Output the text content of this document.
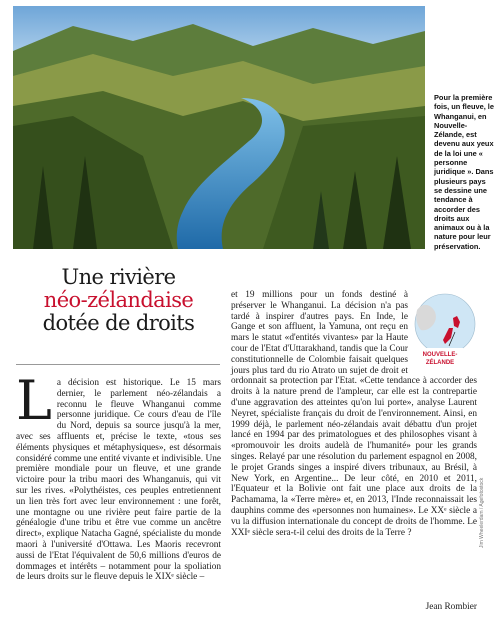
Pour la première fois, un fleuve, le Whanganui, en Nouvelle-Zélande, est devenu aux yeux de la loi une « personne juridique ». Dans plusieurs pays se dessine une tendance à accorder des droits aux animaux ou à la nature pour leur préservation.
Une rivière
néo-zélandaise
dotée de droits
L a décision est historique. Le 15 mars dernier, le parlement néo-zélandais a reconnu le fleuve Whanganui comme personne juridique. Ce cours d'eau de l'île du Nord, depuis sa source jusqu'à la mer, avec ses affluents et, précise le texte, «tous ses éléments physiques et métaphysiques», est désormais considéré comme une entité vivante et indivisible. Une première mondiale pour un fleuve, et une grande victoire pour la tribu maori des Whanganuis, qui vit sur les rives. «Polythéistes, ces peuples entretiennent un lien très fort avec leur environnement : une forêt, une montagne ou une rivière peut faire partie de la généalogie d'une tribu et être vue comme un ancêtre direct», explique Natacha Gagné, spécialiste du monde maori à l'université d'Ottawa. Les Maoris recevront aussi de l'Etat l'équivalent de 50,6 millions d'euros de dommages et intérêts – notamment pour la spoliation de leurs droits sur le fleuve depuis le XIXᵉ siècle –
NOUVELLE-
ZÉLANDE
et 19 millions pour un fonds destiné à préserver le Whanganui. La décision n'a pas tardé à inspirer d'autres pays. En Inde, le Gange et son affluent, la Yamuna, ont reçu en mars le statut «d'entités vivantes» par la Haute cour de l'Etat d'Uttarakhand, tandis que la Cour constitutionnelle de Colombie faisait quelques jours plus tard du rio Atrato un sujet de droit et ordonnait sa protection par l'Etat. «Cette tendance à accorder des droits à la nature prend de l'ampleur, car elle est la contrepartie d'une aggravation des atteintes qu'on lui porte», analyse Laurent Neyret, spécialiste français du droit de l'environnement. Ainsi, en 1999 déjà, le parlement néo-zélandais avait débattu d'un projet lancé en 1994 par des primatologues et des philosophes visant à «promouvoir les droits audelà de l'humanité» pour les grands singes. Relayé par une résolution du parlement espagnol en 2008, le projet Grands singes a inspiré divers tribunaux, au Brésil, à New York, en Argentine... De leur côté, en 2010 et 2011, l'Equateur et la Bolivie ont fait une place aux droits de la Pachamama, la «Terre mère» et, en 2013, l'Inde reconnaissait les dauphins comme des «personnes non humaines». Le XXᵉ siècle a vu la diffusion internationale du concept de droits de l'homme. Le XXIᵉ siècle sera-t-il celui des droits de la Terre ?	Jim Wheelerdam / Agefotostock
Jean Rombier
